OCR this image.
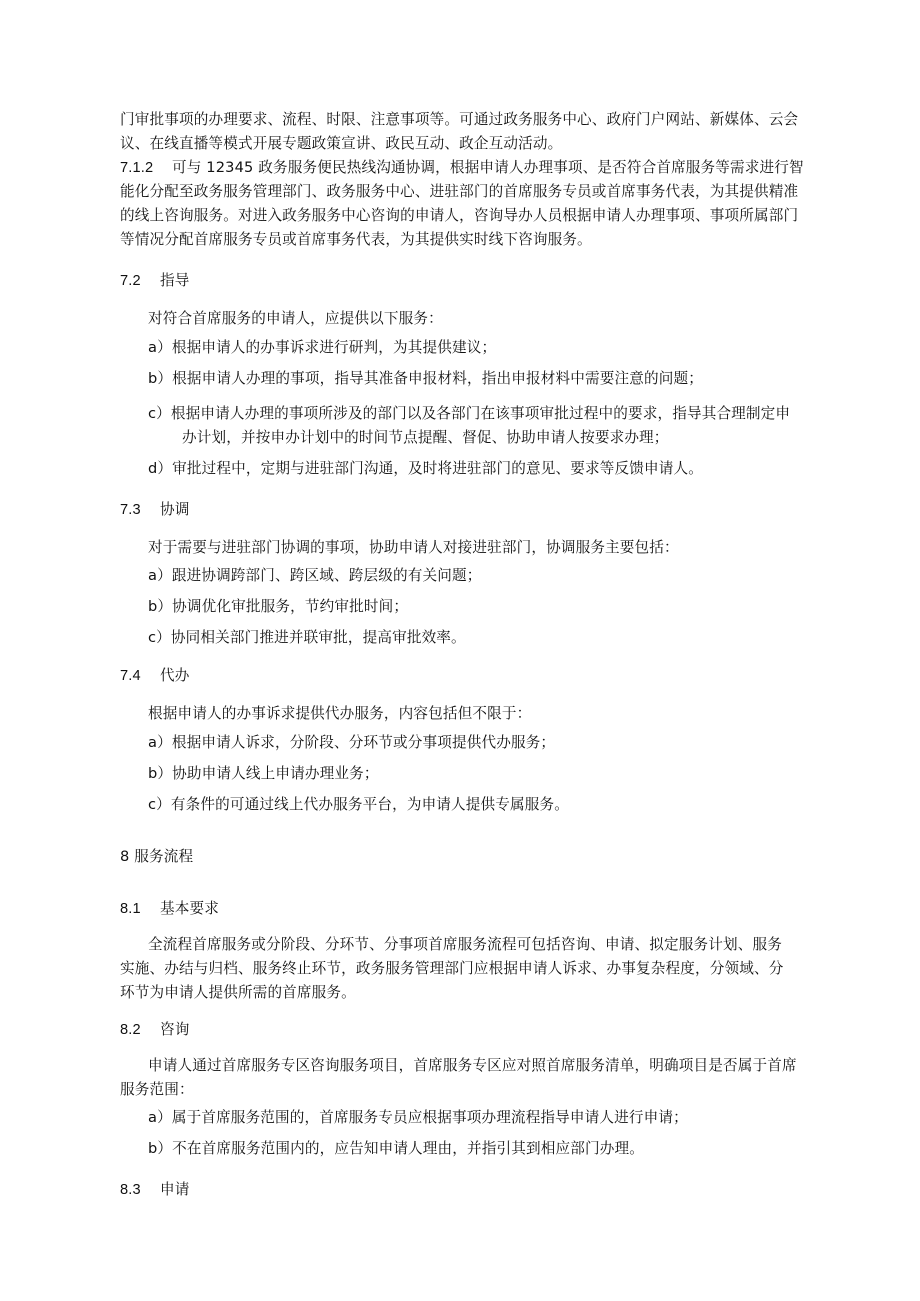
门审批事项的办理要求、流程、时限、注意事项等。可通过政务服务中心、政府门户网站、新媒体、云会
议、在线直播等模式开展专题政策宣讲、政民互动、政企互动活动。
7.1.2 可与 12345 政务服务便民热线沟通协调，根据申请人办理事项、是否符合首席服务等需求进行智
能化分配至政务服务管理部门、政务服务中心、进驻部门的首席服务专员或首席事务代表，为其提供精准
的线上咨询服务。对进入政务服务中心咨询的申请人，咨询导办人员根据申请人办理事项、事项所属部门
等情况分配首席服务专员或首席事务代表，为其提供实时线下咨询服务。
7.2 指导
对符合首席服务的申请人，应提供以下服务：
a）根据申请人的办事诉求进行研判，为其提供建议；
b）根据申请人办理的事项，指导其准备申报材料，指出申报材料中需要注意的问题；
c）根据申请人办理的事项所涉及的部门以及各部门在该事项审批过程中的要求，指导其合理制定申
办计划，并按申办计划中的时间节点提醒、督促、协助申请人按要求办理；
d）审批过程中，定期与进驻部门沟通，及时将进驻部门的意见、要求等反馈申请人。
7.3 协调
对于需要与进驻部门协调的事项，协助申请人对接进驻部门，协调服务主要包括：
a）跟进协调跨部门、跨区域、跨层级的有关问题；
b）协调优化审批服务，节约审批时间；
c）协同相关部门推进并联审批，提高审批效率。
7.4 代办
根据申请人的办事诉求提供代办服务，内容包括但不限于：
a）根据申请人诉求，分阶段、分环节或分事项提供代办服务；
b）协助申请人线上申请办理业务；
c）有条件的可通过线上代办服务平台，为申请人提供专属服务。
8 服务流程
8.1 基本要求
全流程首席服务或分阶段、分环节、分事项首席服务流程可包括咨询、申请、拟定服务计划、服务
实施、办结与归档、服务终止环节，政务服务管理部门应根据申请人诉求、办事复杂程度，分领域、分
环节为申请人提供所需的首席服务。
8.2 咨询
申请人通过首席服务专区咨询服务项目，首席服务专区应对照首席服务清单，明确项目是否属于首席
服务范围：
a）属于首席服务范围的，首席服务专员应根据事项办理流程指导申请人进行申请；
b）不在首席服务范围内的，应告知申请人理由，并指引其到相应部门办理。
8.3 申请
